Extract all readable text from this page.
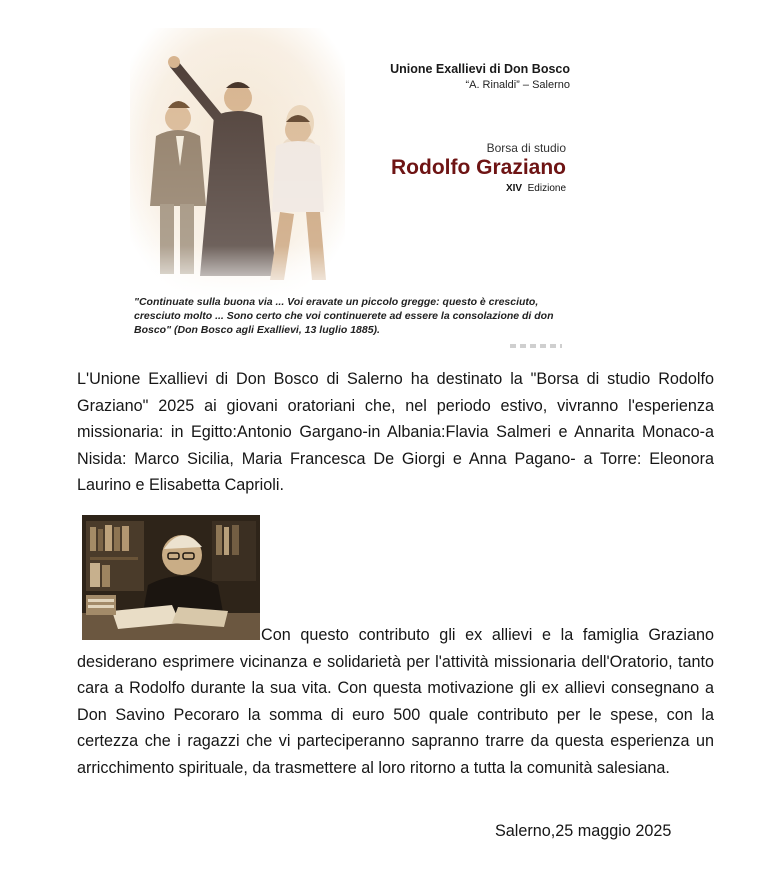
Unione Exallievi di Don Bosco
“A. Rinaldi” – Salerno
Borsa di studio
Rodolfo Graziano
XIV Edizione
"Continuate sulla buona via ... Voi eravate un piccolo gregge: questo è cresciuto, cresciuto molto ... Sono certo che voi continuerete ad essere la consolazione di don Bosco" (Don Bosco agli Exallievi, 13 luglio 1885).

L'Unione Exallievi di Don Bosco di Salerno ha destinato la "Borsa di studio Rodolfo Graziano" 2025 ai giovani oratoriani che, nel periodo estivo, vivranno l'esperienza missionaria: in Egitto:Antonio Gargano-in Albania:Flavia Salmeri e Annarita Monaco-a Nisida: Marco Sicilia, Maria Francesca De Giorgi e Anna Pagano- a Torre: Eleonora Laurino e Elisabetta Caprioli.

Con questo contributo gli ex allievi e la famiglia Graziano desiderano esprimere vicinanza e solidarietà per l'attività missionaria dell'Oratorio, tanto cara a Rodolfo durante la sua vita. Con questa motivazione gli ex allievi consegnano a Don Savino Pecoraro la somma di euro 500 quale contributo per le spese, con la certezza che i ragazzi che vi parteciperanno sapranno trarre da questa esperienza un arricchimento spirituale, da trasmettere al loro ritorno a tutta la comunità salesiana.

Salerno,25 maggio 2025
